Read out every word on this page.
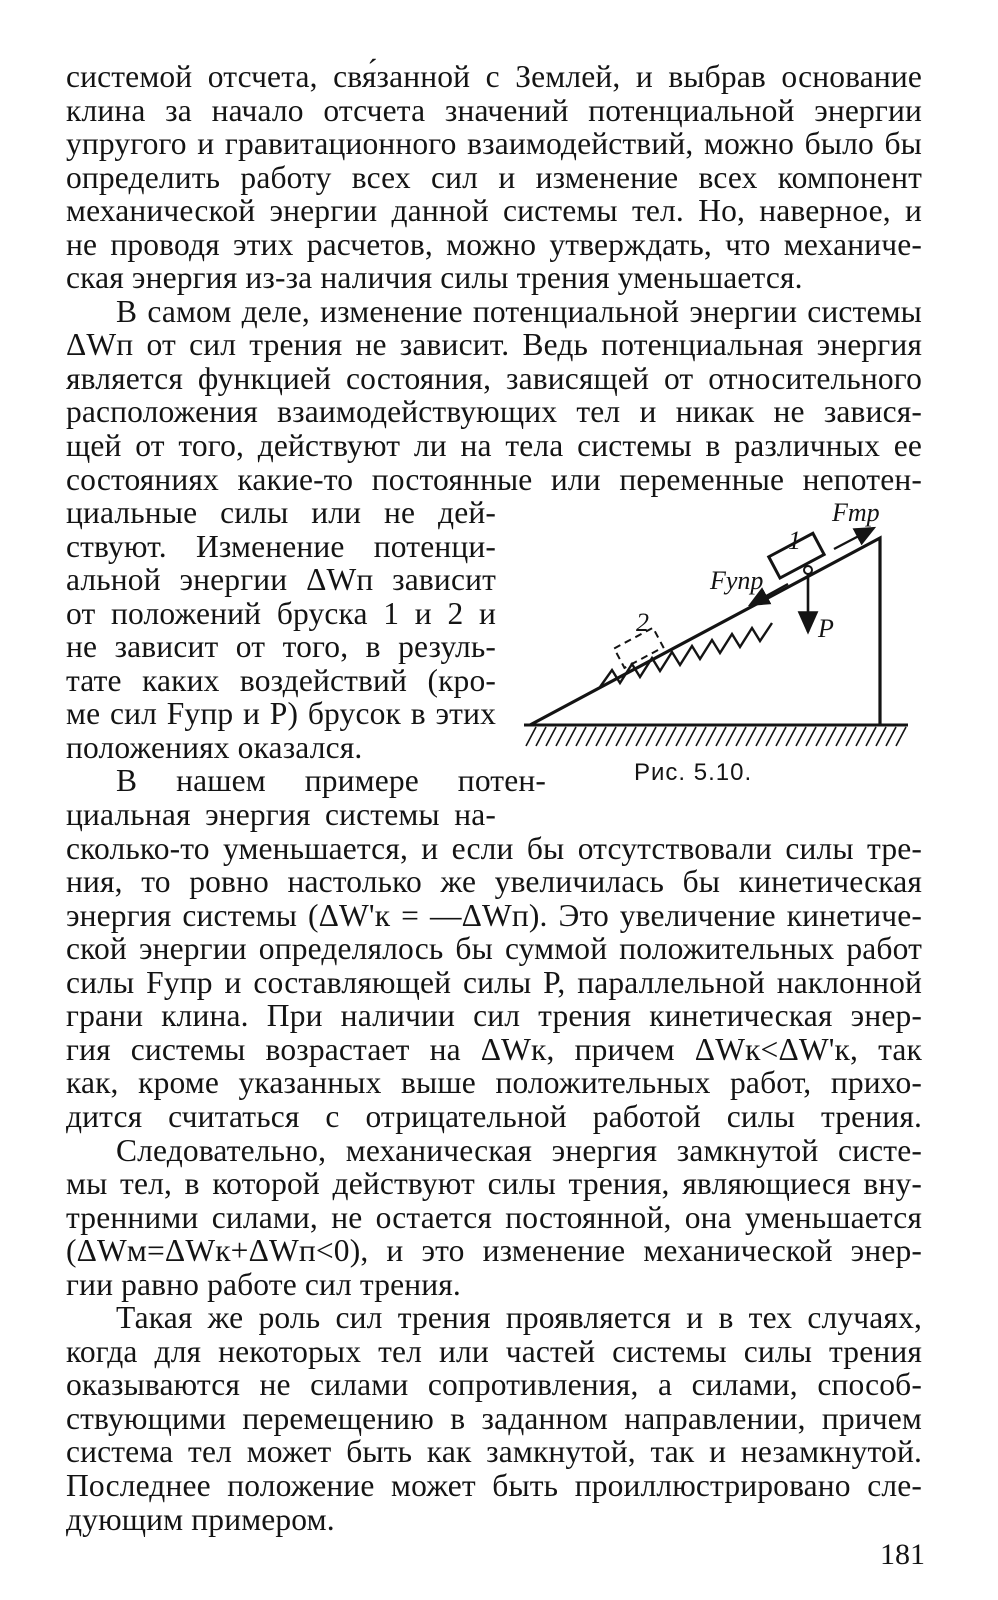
системой отсчета, свя́занной с Землей, и выбрав основание
клина за начало отсчета значений потенциальной энергии
упругого и гравитационного взаимодействий, можно было бы
определить работу всех сил и изменение всех компонент
механической энергии данной системы тел. Но, наверное, и
не проводя этих расчетов, можно утверждать, что механиче-
ская энергия из-за наличия силы трения уменьшается.
В самом деле, изменение потенциальной энергии системы
ΔWп от сил трения не зависит. Ведь потенциальная энергия
является функцией состояния, зависящей от относительного
расположения взаимодействующих тел и никак не завися-
щей от того, действуют ли на тела системы в различных ее
состояниях какие-то постоянные или переменные непотен-
циальные силы или не дей-
ствуют. Изменение потенци-
альной энергии ΔWп зависит
от положений бруска 1 и 2 и
не зависит от того, в резуль-
тате каких воздействий (кро-
ме сил Fупр и P) брусок в этих
положениях оказался.
В нашем примере потен-
циальная энергия системы на-
сколько-то уменьшается, и если бы отсутствовали силы тре-
ния, то ровно настолько же увеличилась бы кинетическая
энергия системы (ΔW'к = —ΔWп). Это увеличение кинетиче-
ской энергии определялось бы суммой положительных работ
силы Fупр и составляющей силы P, параллельной наклонной
грани клина. При наличии сил трения кинетическая энер-
гия системы возрастает на ΔWк, причем ΔWк<ΔW'к, так
как, кроме указанных выше положительных работ, прихо-
дится считаться с отрицательной работой силы трения.
Следовательно, механическая энергия замкнутой систе-
мы тел, в которой действуют силы трения, являющиеся вну-
тренними силами, не остается постоянной, она уменьшается
(ΔWм=ΔWк+ΔWп<0), и это изменение механической энер-
гии равно работе сил трения.
Такая же роль сил трения проявляется и в тех случаях,
когда для некоторых тел или частей системы силы трения
оказываются не силами сопротивления, а силами, способ-
ствующими перемещению в заданном направлении, причем
система тел может быть как замкнутой, так и незамкнутой.
Последнее положение может быть проиллюстрировано сле-
дующим примером.
Fтр
Fупр
P
1
2
Рис. 5.10.
181
